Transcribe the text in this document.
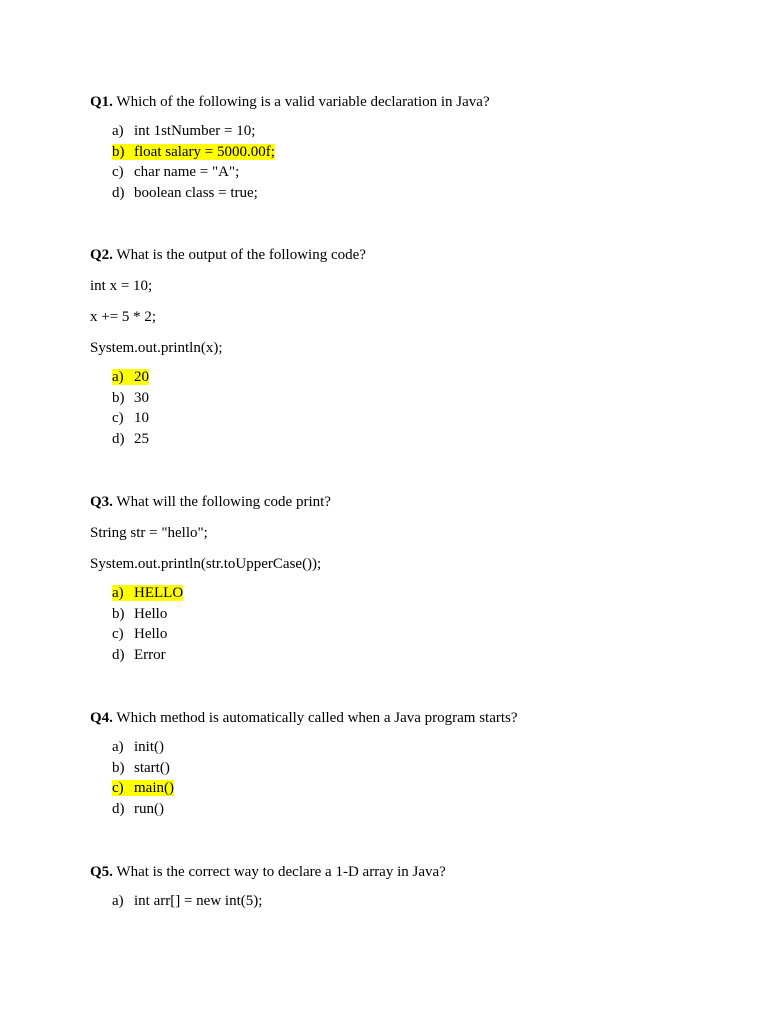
Q1. Which of the following is a valid variable declaration in Java?
a) int 1stNumber = 10;
b) float salary = 5000.00f;
c) char name = "A";
d) boolean class = true;
Q2. What is the output of the following code?
int x = 10;
x += 5 * 2;
System.out.println(x);
a) 20
b) 30
c) 10
d) 25
Q3. What will the following code print?
String str = "hello";
System.out.println(str.toUpperCase());
a) HELLO
b) Hello
c) Hello
d) Error
Q4. Which method is automatically called when a Java program starts?
a) init()
b) start()
c) main()
d) run()
Q5. What is the correct way to declare a 1-D array in Java?
a) int arr[] = new int(5);
